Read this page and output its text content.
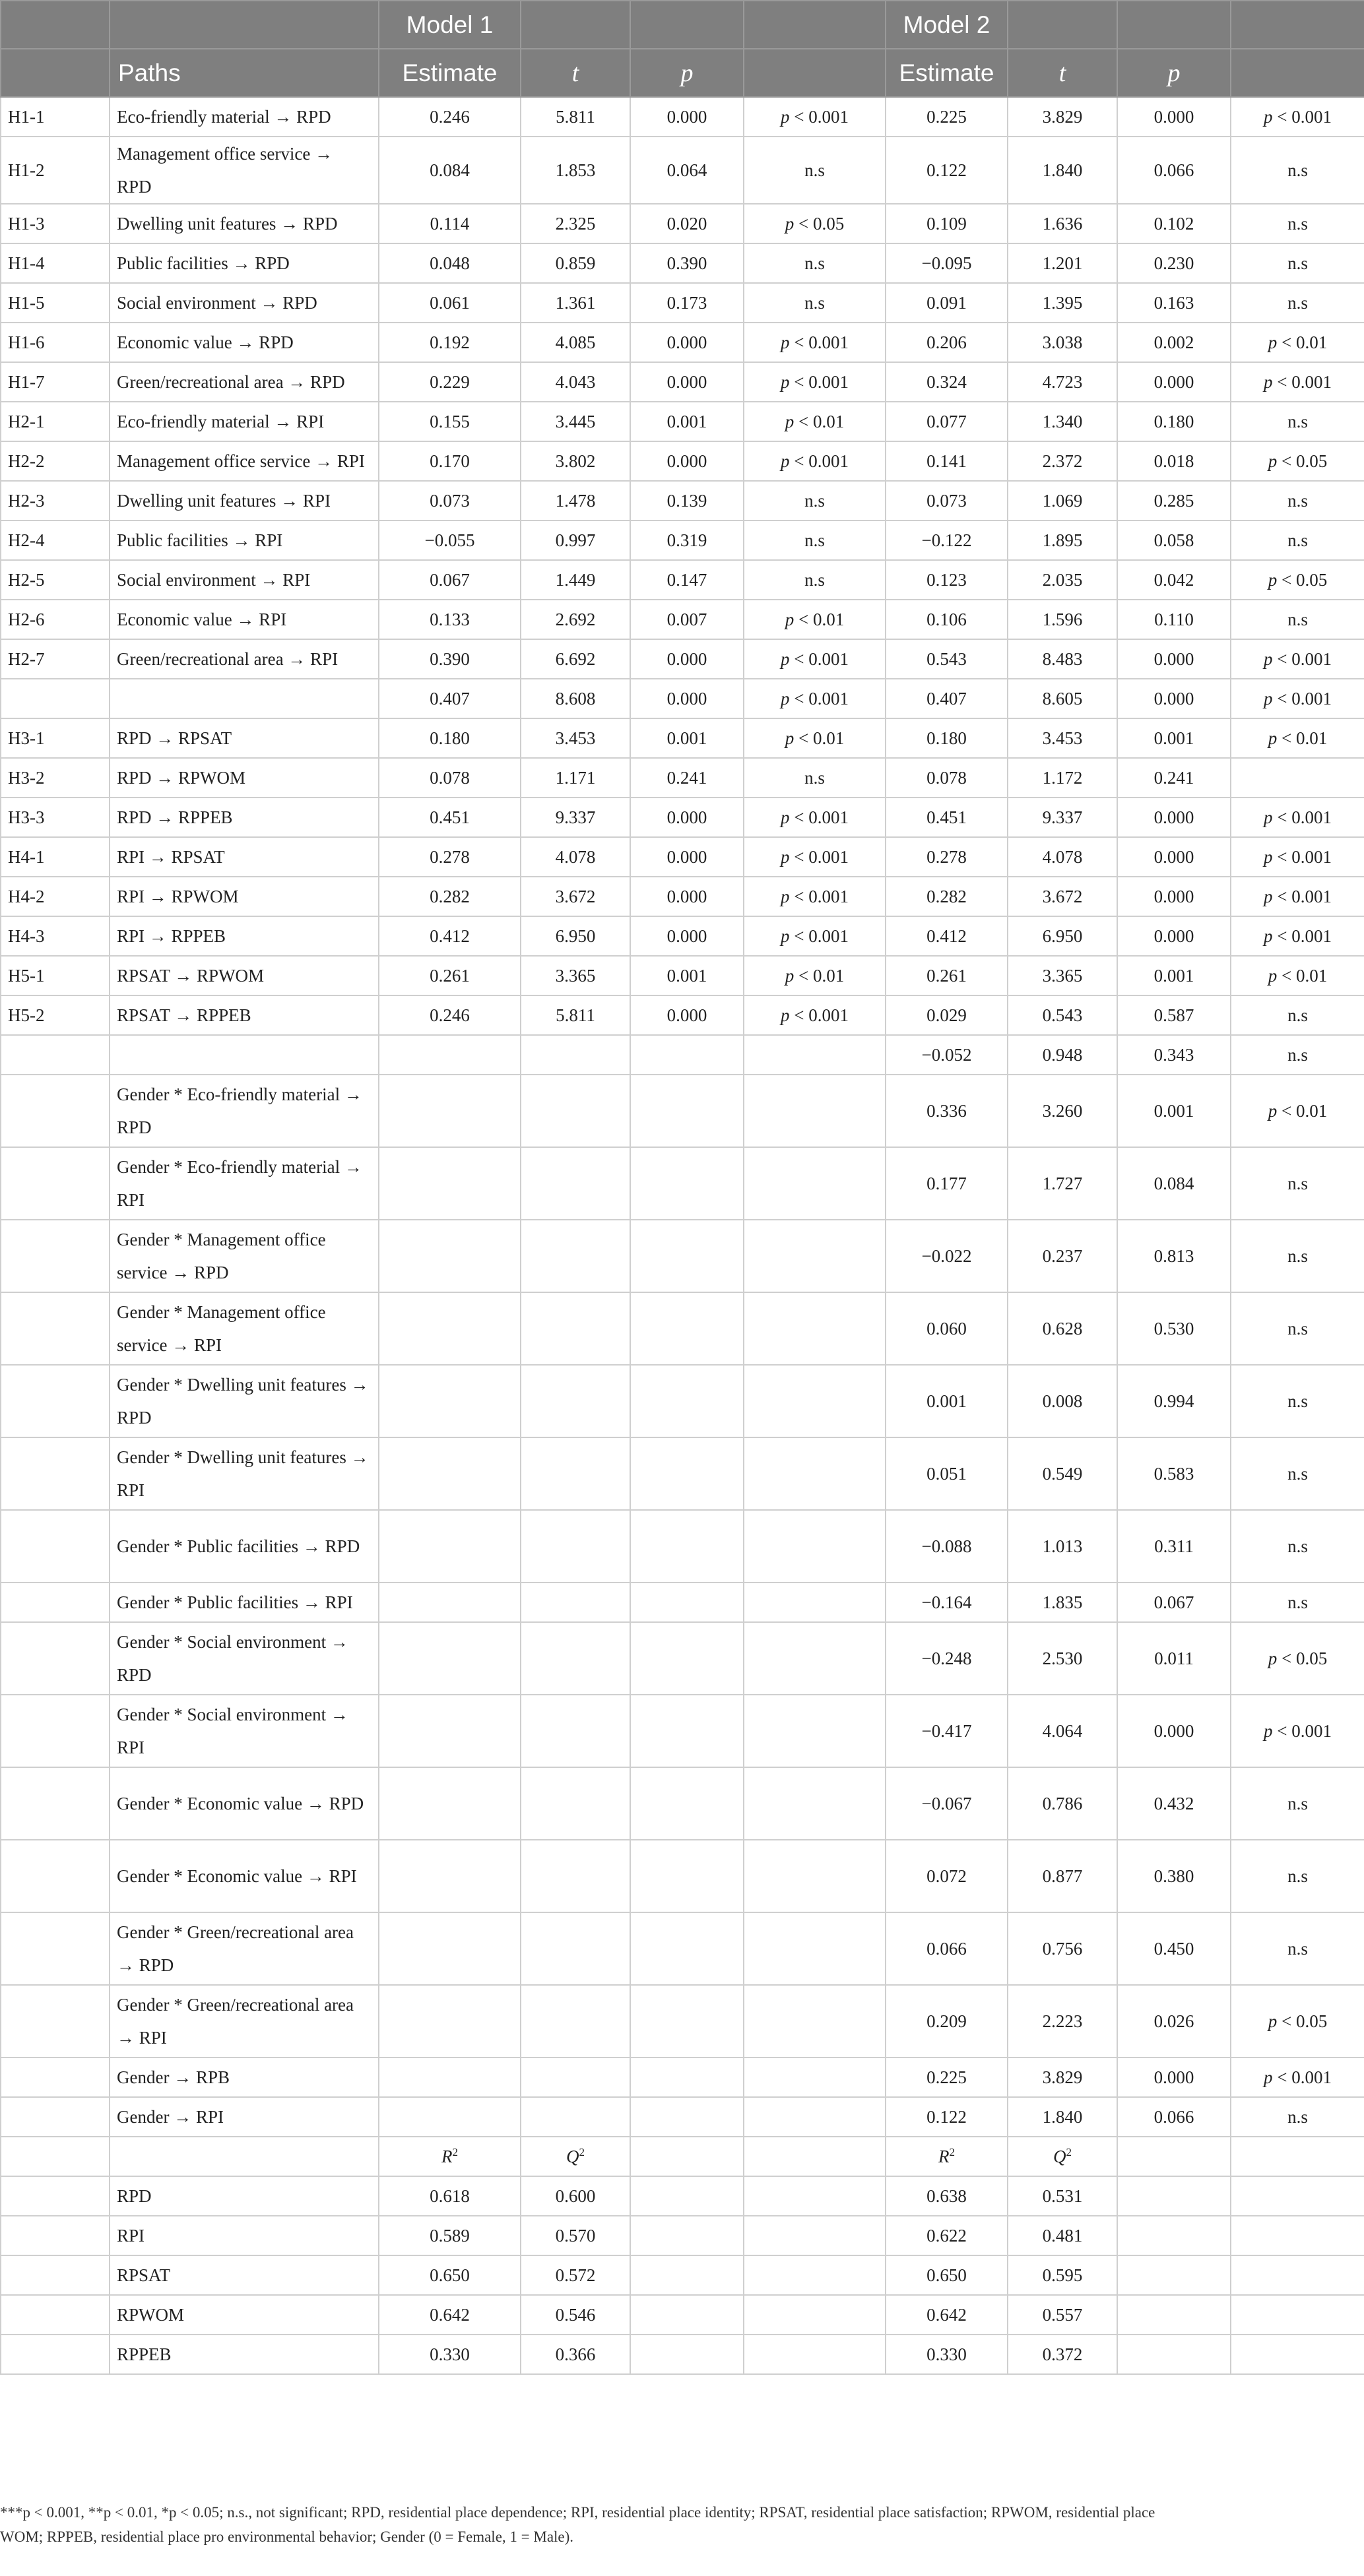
		Model 1				Model 2			
	Paths	Estimate	t	p		Estimate	t	p	
H1-1	Eco-friendly material → RPD	0.246	5.811	0.000	p < 0.001	0.225	3.829	0.000	p < 0.001
H1-2	Management office service → RPD	0.084	1.853	0.064	n.s	0.122	1.840	0.066	n.s
H1-3	Dwelling unit features → RPD	0.114	2.325	0.020	p < 0.05	0.109	1.636	0.102	n.s
H1-4	Public facilities → RPD	0.048	0.859	0.390	n.s	−0.095	1.201	0.230	n.s
H1-5	Social environment → RPD	0.061	1.361	0.173	n.s	0.091	1.395	0.163	n.s
H1-6	Economic value → RPD	0.192	4.085	0.000	p < 0.001	0.206	3.038	0.002	p < 0.01
H1-7	Green/recreational area → RPD	0.229	4.043	0.000	p < 0.001	0.324	4.723	0.000	p < 0.001
H2-1	Eco-friendly material → RPI	0.155	3.445	0.001	p < 0.01	0.077	1.340	0.180	n.s
H2-2	Management office service → RPI	0.170	3.802	0.000	p < 0.001	0.141	2.372	0.018	p < 0.05
H2-3	Dwelling unit features → RPI	0.073	1.478	0.139	n.s	0.073	1.069	0.285	n.s
H2-4	Public facilities → RPI	−0.055	0.997	0.319	n.s	−0.122	1.895	0.058	n.s
H2-5	Social environment → RPI	0.067	1.449	0.147	n.s	0.123	2.035	0.042	p < 0.05
H2-6	Economic value → RPI	0.133	2.692	0.007	p < 0.01	0.106	1.596	0.110	n.s
H2-7	Green/recreational area → RPI	0.390	6.692	0.000	p < 0.001	0.543	8.483	0.000	p < 0.001
		0.407	8.608	0.000	p < 0.001	0.407	8.605	0.000	p < 0.001
H3-1	RPD → RPSAT	0.180	3.453	0.001	p < 0.01	0.180	3.453	0.001	p < 0.01
H3-2	RPD → RPWOM	0.078	1.171	0.241	n.s	0.078	1.172	0.241	
H3-3	RPD → RPPEB	0.451	9.337	0.000	p < 0.001	0.451	9.337	0.000	p < 0.001
H4-1	RPI → RPSAT	0.278	4.078	0.000	p < 0.001	0.278	4.078	0.000	p < 0.001
H4-2	RPI → RPWOM	0.282	3.672	0.000	p < 0.001	0.282	3.672	0.000	p < 0.001
H4-3	RPI → RPPEB	0.412	6.950	0.000	p < 0.001	0.412	6.950	0.000	p < 0.001
H5-1	RPSAT → RPWOM	0.261	3.365	0.001	p < 0.01	0.261	3.365	0.001	p < 0.01
H5-2	RPSAT → RPPEB	0.246	5.811	0.000	p < 0.001	0.029	0.543	0.587	n.s
						−0.052	0.948	0.343	n.s
	Gender * Eco-friendly material → RPD					0.336	3.260	0.001	p < 0.01
	Gender * Eco-friendly material → RPI					0.177	1.727	0.084	n.s
	Gender * Management office service → RPD					−0.022	0.237	0.813	n.s
	Gender * Management office service → RPI					0.060	0.628	0.530	n.s
	Gender * Dwelling unit features → RPD					0.001	0.008	0.994	n.s
	Gender * Dwelling unit features → RPI					0.051	0.549	0.583	n.s
	Gender * Public facilities → RPD					−0.088	1.013	0.311	n.s
	Gender * Public facilities → RPI					−0.164	1.835	0.067	n.s
	Gender * Social environment → RPD					−0.248	2.530	0.011	p < 0.05
	Gender * Social environment → RPI					−0.417	4.064	0.000	p < 0.001
	Gender * Economic value → RPD					−0.067	0.786	0.432	n.s
	Gender * Economic value → RPI					0.072	0.877	0.380	n.s
	Gender * Green/recreational area → RPD					0.066	0.756	0.450	n.s
	Gender * Green/recreational area → RPI					0.209	2.223	0.026	p < 0.05
	Gender → RPB					0.225	3.829	0.000	p < 0.001
	Gender → RPI					0.122	1.840	0.066	n.s
		$R^2$	$Q^2$			$R^2$	$Q^2$		
	RPD	0.618	0.600			0.638	0.531		
	RPI	0.589	0.570			0.622	0.481		
	RPSAT	0.650	0.572			0.650	0.595		
	RPWOM	0.642	0.546			0.642	0.557		
	RPPEB	0.330	0.366			0.330	0.372		
***p < 0.001, **p < 0.01, *p < 0.05; n.s., not significant; RPD, residential place dependence; RPI, residential place identity; RPSAT, residential place satisfaction; RPWOM, residential place
WOM; RPPEB, residential place pro environmental behavior; Gender (0 = Female, 1 = Male).
